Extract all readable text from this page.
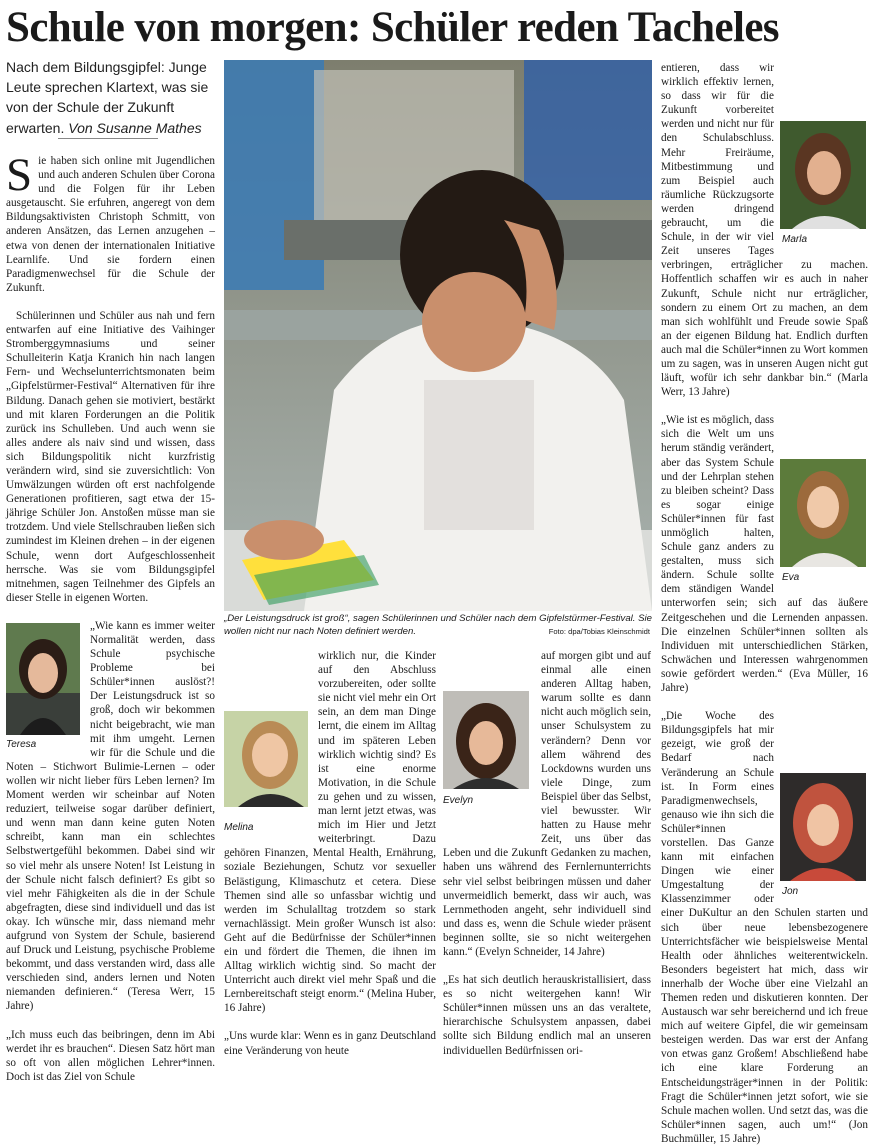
Schule von morgen: Schüler reden Tacheles
Nach dem Bildungsgipfel: Junge Leute sprechen Klartext, was sie von der Schule der Zukunft erwarten. Von Susanne Mathes

Sie haben sich online mit Jugendlichen und auch anderen Schulen über Corona und die Folgen für ihr Leben ausgetauscht. Sie erfuhren, angeregt von dem Bildungsaktivisten Christoph Schmitt, von anderen Ansätzen, das Lernen anzugehen – etwa von denen der internationalen Initiative Learnlife. Und sie fordern einen Paradigmenwechsel für die Schule der Zukunft.

Schülerinnen und Schüler aus nah und fern entwarfen auf eine Initiative des Vaihinger Stromberggymnasiums und seiner Schulleiterin Katja Kranich hin nach langen Fern- und Wechselunterrichtsmonaten beim „Gipfelstürmer-Festival“ Alternativen für ihre Bildung. Danach gehen sie motiviert, bestärkt und mit klaren Forderungen an die Politik zurück ins Schulleben. Und auch wenn sie alles andere als naiv sind und wissen, dass sich Bildungspolitik nicht kurzfristig verändern wird, sind sie zuversichtlich: Von Umwälzungen würden oft erst nachfolgende Generationen profitieren, sagt etwa der 15-jährige Schüler Jon. Anstoßen müsse man sie trotzdem. Und viele Stellschrauben ließen sich zumindest im Kleinen drehen – in der eigenen Schule, wenn dort Aufgeschlossenheit herrsche. Was sie vom Bildungsgipfel mitnehmen, sagen Teilnehmer des Gipfels an dieser Stelle in eigenen Worten.

Teresa

„Wie kann es immer weiter Normalität werden, dass Schule psychische Probleme bei Schüler*innen auslöst?! Der Leistungsdruck ist so groß, doch wir bekommen nicht beigebracht, wie man mit ihm umgeht. Lernen wir für die Schule und die Noten – Stichwort Bulimie-Lernen – oder wollen wir nicht lieber fürs Leben lernen? Im Moment werden wir scheinbar auf Noten reduziert, teilweise sogar darüber definiert, und wenn man dann keine guten Noten schreibt, kann man ein schlechtes Selbstwertgefühl bekommen. Dabei sind wir so viel mehr als unsere Noten! Ist Leistung in der Schule nicht falsch definiert? Es gibt so viel mehr Fähigkeiten als die in der Schule abgefragten, diese sind individuell und das ist okay. Ich wünsche mir, dass niemand mehr aufgrund von System der Schule, basierend auf Druck und Leistung, psychische Probleme bekommt, und dass verstanden wird, dass alle verschieden sind, anders lernen und Noten niemanden definieren.“ (Teresa Werr, 15 Jahre)

„Ich muss euch das beibringen, denn im Abi werdet ihr es brauchen“. Diesen Satz hört man so oft von allen möglichen Lehrer*innen. Doch ist das Ziel von Schule

„Der Leistungsdruck ist groß“, sagen Schülerinnen und Schüler nach dem Gipfelstürmer-Festival. Sie wollen nicht nur nach Noten definiert werden.	Foto: dpa/Tobias Kleinschmidt
Melina

wirklich nur, die Kinder auf den Abschluss vorzubereiten, oder sollte sie nicht viel mehr ein Ort sein, an dem man Dinge lernt, die einem im Alltag und im späteren Leben wirklich wichtig sind? Es ist eine enorme Motivation, in die Schule zu gehen und zu wissen, man lernt jetzt etwas, was mich im Hier und Jetzt weiterbringt. Dazu gehören Finanzen, Mental Health, Ernährung, soziale Beziehungen, Schutz vor sexueller Belästigung, Klimaschutz et cetera. Diese Themen sind alle so unfassbar wichtig und werden im Schulalltag trotzdem so stark vernachlässigt. Mein großer Wunsch ist also: Geht auf die Bedürfnisse der Schüler*innen ein und fördert die Themen, die ihnen im Alltag wirklich wichtig sind. So macht der Unterricht auch direkt viel mehr Spaß und die Lernbereitschaft steigt enorm.“ (Melina Huber, 16 Jahre)

„Uns wurde klar: Wenn es in ganz Deutschland eine Veränderung von heute

Evelyn

auf morgen gibt und auf einmal alle einen anderen Alltag haben, warum sollte es dann nicht auch möglich sein, unser Schulsystem zu verändern? Denn vor allem während des Lockdowns wurden uns viele Dinge, zum Beispiel über das Selbst, viel bewusster. Wir hatten zu Hause mehr Zeit, uns über das Leben und die Zukunft Gedanken zu machen, haben uns während des Fernlernunterrichts sehr viel selbst beibringen müssen und daher unvermeidlich bemerkt, dass wir auch, was Lernmethoden angeht, sehr individuell sind und dass es, wenn die Schule wieder präsent beginnen sollte, sie so nicht weitergehen kann.“ (Evelyn Schneider, 14 Jahre)

„Es hat sich deutlich herauskristallisiert, dass es so nicht weitergehen kann! Wir Schüler*innen müssen uns an das veraltete, hierarchische Schulsystem anpassen, dabei sollte sich Bildung endlich mal an unseren individuellen Bedürfnissen ori-

Marla

entieren, dass wir wirklich effektiv lernen, so dass wir für die Zukunft vorbereitet werden und nicht nur für den Schulabschluss. Mehr Freiräume, Mitbestimmung und zum Beispiel auch räumliche Rückzugsorte werden dringend gebraucht, um die Schule, in der wir viel Zeit unseres Tages verbringen, erträglicher zu machen. Hoffentlich schaffen wir es auch in naher Zukunft, Schule nicht nur erträglicher, sondern zu einem Ort zu machen, an dem man sich wohlfühlt und Freude sowie Spaß an der eigenen Bildung hat. Endlich durften auch mal die Schüler*innen zu Wort kommen um zu sagen, was in unseren Augen nicht gut läuft, wofür ich sehr dankbar bin.“ (Marla Werr, 13 Jahre)

Eva

„Wie ist es möglich, dass sich die Welt um uns herum ständig verändert, aber das System Schule und der Lehrplan stehen zu bleiben scheint? Dass es sogar einige Schüler*innen für fast unmöglich halten, Schule ganz anders zu gestalten, muss sich ändern. Schule sollte dem ständigen Wandel unterworfen sein; sich auf das äußere Zeitgeschehen und die Lernenden anpassen. Die einzelnen Schüler*innen sollten als Individuen mit unterschiedlichen Stärken, Schwächen und Interessen wahrgenommen sowie gefördert werden.“ (Eva Müller, 16 Jahre)

Jon

„Die Woche des Bildungsgipfels hat mir gezeigt, wie groß der Bedarf nach Veränderung an Schule ist. In Form eines Paradigmenwechsels, genauso wie ihn sich die Schüler*innen vorstellen. Das Ganze kann mit einfachen Dingen wie einer Umgestaltung der Klassenzimmer oder einer DuKultur an den Schulen starten und sich über neue lebensbezogenere Unterrichtsfächer wie beispielsweise Mental Health oder ähnliches weiterentwickeln. Besonders begeistert hat mich, dass wir innerhalb der Woche über eine Vielzahl an Themen reden und diskutieren konnten. Der Austausch war sehr bereichernd und ich freue mich auf weitere Gipfel, die wir gemeinsam besteigen werden. Das war erst der Anfang von etwas ganz Großem! Abschließend habe ich eine klare Forderung an Entscheidungsträger*innen in der Politik: Fragt die Schüler*innen jetzt sofort, wie sie Schule machen wollen. Und setzt das, was die Schüler*innen sagen, auch um!“ (Jon Buchmüller, 15 Jahre)
